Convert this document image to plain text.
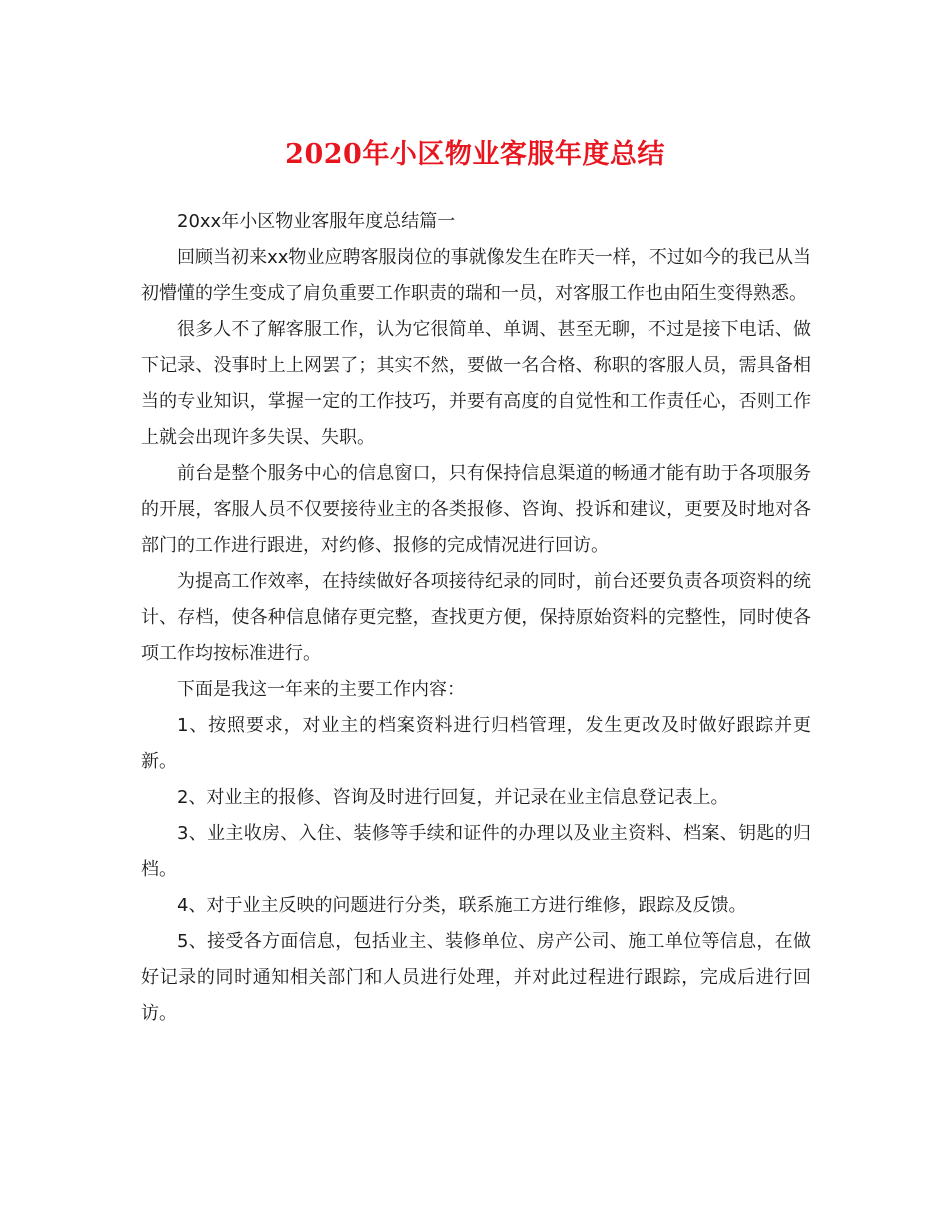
2020年小区物业客服年度总结

20xx年小区物业客服年度总结篇一

回顾当初来xx物业应聘客服岗位的事就像发生在昨天一样，不过如今的我已从当初懵懂的学生变成了肩负重要工作职责的瑞和一员，对客服工作也由陌生变得熟悉。

很多人不了解客服工作，认为它很简单、单调、甚至无聊，不过是接下电话、做下记录、没事时上上网罢了；其实不然，要做一名合格、称职的客服人员，需具备相当的专业知识，掌握一定的工作技巧，并要有高度的自觉性和工作责任心，否则工作上就会出现许多失误、失职。

前台是整个服务中心的信息窗口，只有保持信息渠道的畅通才能有助于各项服务的开展，客服人员不仅要接待业主的各类报修、咨询、投诉和建议，更要及时地对各部门的工作进行跟进，对约修、报修的完成情况进行回访。

为提高工作效率，在持续做好各项接待纪录的同时，前台还要负责各项资料的统计、存档，使各种信息储存更完整，查找更方便，保持原始资料的完整性，同时使各项工作均按标准进行。

下面是我这一年来的主要工作内容：

1、按照要求，对业主的档案资料进行归档管理，发生更改及时做好跟踪并更新。

2、对业主的报修、咨询及时进行回复，并记录在业主信息登记表上。

3、业主收房、入住、装修等手续和证件的办理以及业主资料、档案、钥匙的归档。

4、对于业主反映的问题进行分类，联系施工方进行维修，跟踪及反馈。

5、接受各方面信息，包括业主、装修单位、房产公司、施工单位等信息，在做好记录的同时通知相关部门和人员进行处理，并对此过程进行跟踪，完成后进行回访。
